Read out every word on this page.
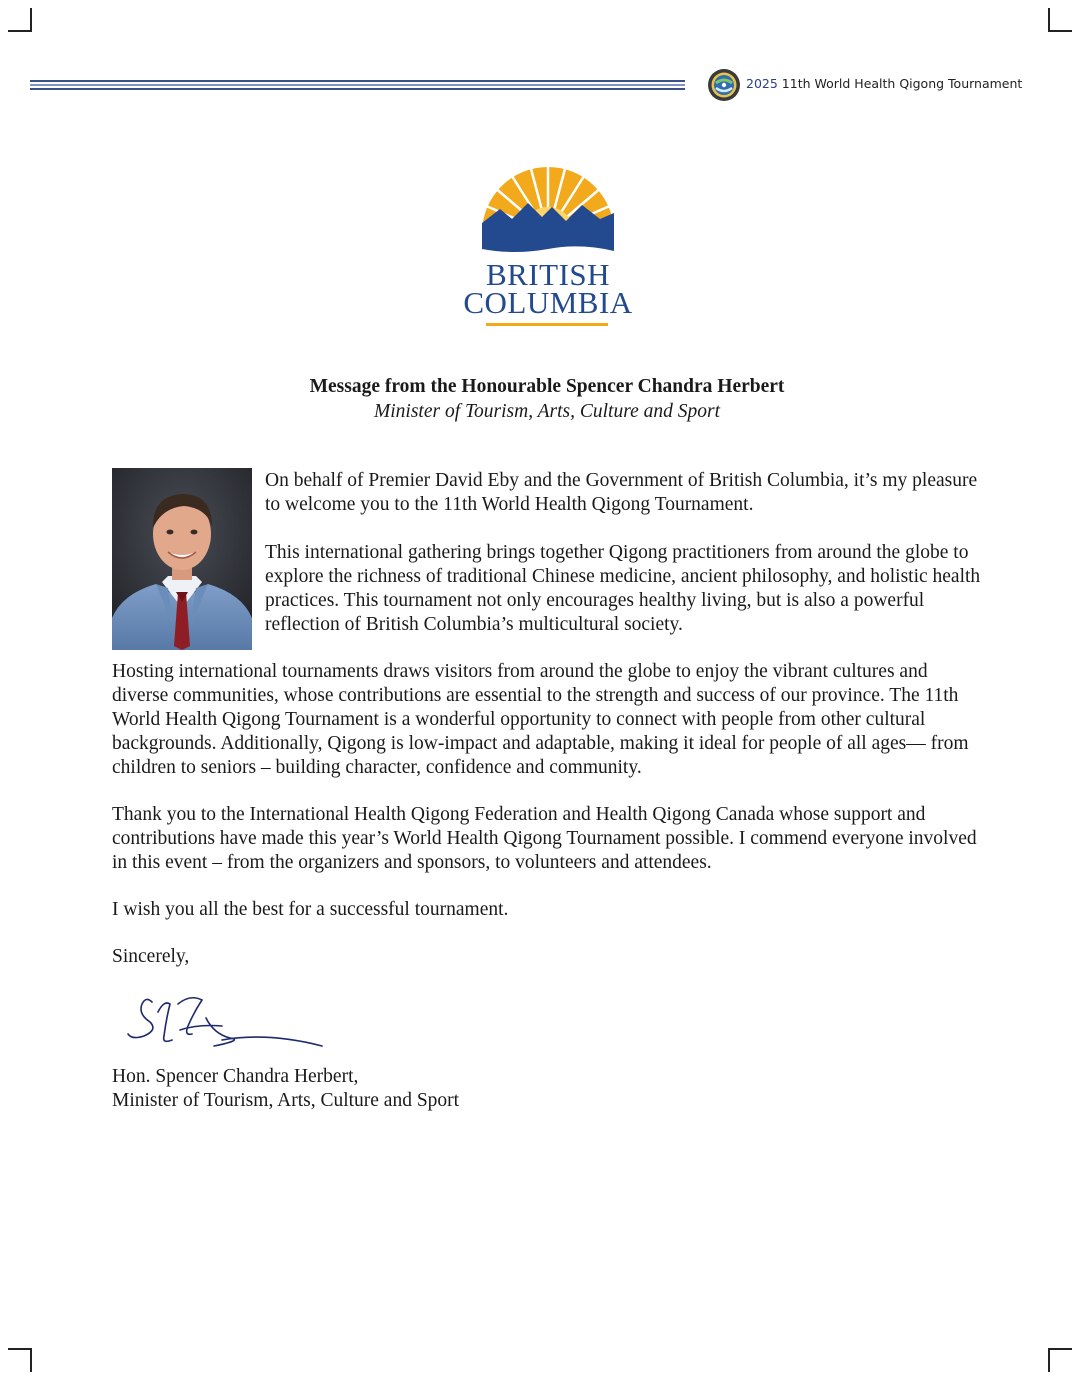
2025 11th World Health Qigong Tournament
BRITISH
COLUMBIA
Message from the Honourable Spencer Chandra Herbert
Minister of Tourism, Arts, Culture and Sport

On behalf of Premier David Eby and the Government of British Columbia, it’s my pleasure to welcome you to the 11th World Health Qigong Tournament.

This international gathering brings together Qigong practitioners from around the globe to explore the richness of traditional Chinese medicine, ancient philosophy, and holistic health practices. This tournament not only encourages healthy living, but is also a powerful reflection of British Columbia’s multicultural society.

Hosting international tournaments draws visitors from around the globe to enjoy the vibrant cultures and diverse communities, whose contributions are essential to the strength and success of our province. The 11th World Health Qigong Tournament is a wonderful opportunity to connect with people from other cultural backgrounds. Additionally, Qigong is low-impact and adaptable, making it ideal for people of all ages— from children to seniors – building character, confidence and community.

Thank you to the International Health Qigong Federation and Health Qigong Canada whose support and contributions have made this year’s World Health Qigong Tournament possible. I commend everyone involved in this event – from the organizers and sponsors, to volunteers and attendees.

I wish you all the best for a successful tournament.

Sincerely,

Hon. Spencer Chandra Herbert,

Minister of Tourism, Arts, Culture and Sport
